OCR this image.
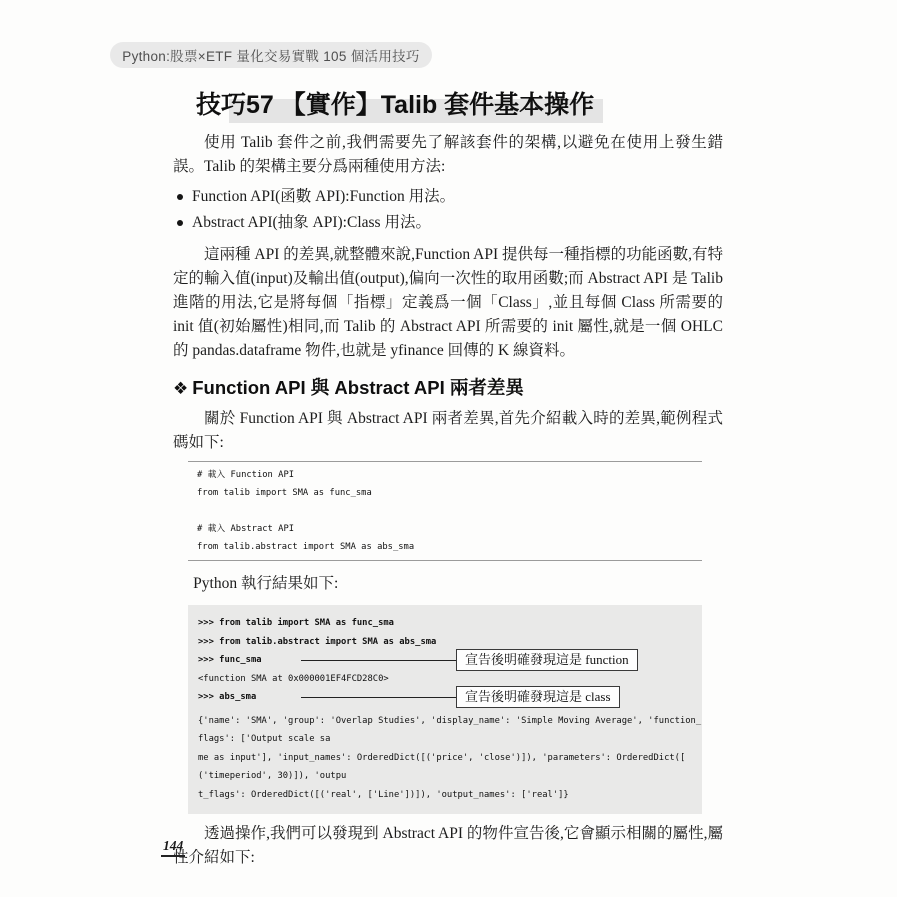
Python:股票×ETF 量化交易實戰 105 個活用技巧
技巧57 【實作】Talib 套件基本操作

使用 Talib 套件之前,我們需要先了解該套件的架構,以避免在使用上發生錯誤。Talib 的架構主要分爲兩種使用方法:

Function API(函數 API):Function 用法。
Abstract API(抽象 API):Class 用法。

這兩種 API 的差異,就整體來說,Function API 提供每一種指標的功能函數,有特定的輸入值(input)及輸出值(output),偏向一次性的取用函數;而 Abstract API 是 Talib 進階的用法,它是將每個「指標」定義爲一個「Class」,並且每個 Class 所需要的 init 值(初始屬性)相同,而 Talib 的 Abstract API 所需要的 init 屬性,就是一個 OHLC 的 pandas.dataframe 物件,也就是 yfinance 回傳的 K 線資料。

❖ Function API 與 Abstract API 兩者差異

關於 Function API 與 Abstract API 兩者差異,首先介紹載入時的差異,範例程式碼如下:

# 載入 Function API
from talib import SMA as func_sma
# 載入 Abstract API
from talib.abstract import SMA as abs_sma

Python 執行結果如下:

>>> from talib import SMA as func_sma
>>> from talib.abstract import SMA as abs_sma
>>> func_sma	宣告後明確發現這是 function
<function SMA at 0x000001EF4FCD28C0>
>>> abs_sma	宣告後明確發現這是 class
{'name': 'SMA', 'group': 'Overlap Studies', 'display_name': 'Simple Moving Average', 'function_
flags': ['Output scale sa
me as input'], 'input_names': OrderedDict([('price', 'close')]), 'parameters': OrderedDict([
('timeperiod', 30)]), 'outpu
t_flags': OrderedDict([('real', ['Line'])]), 'output_names': ['real']}

透過操作,我們可以發現到 Abstract API 的物件宣告後,它會顯示相關的屬性,屬性介紹如下:

144
